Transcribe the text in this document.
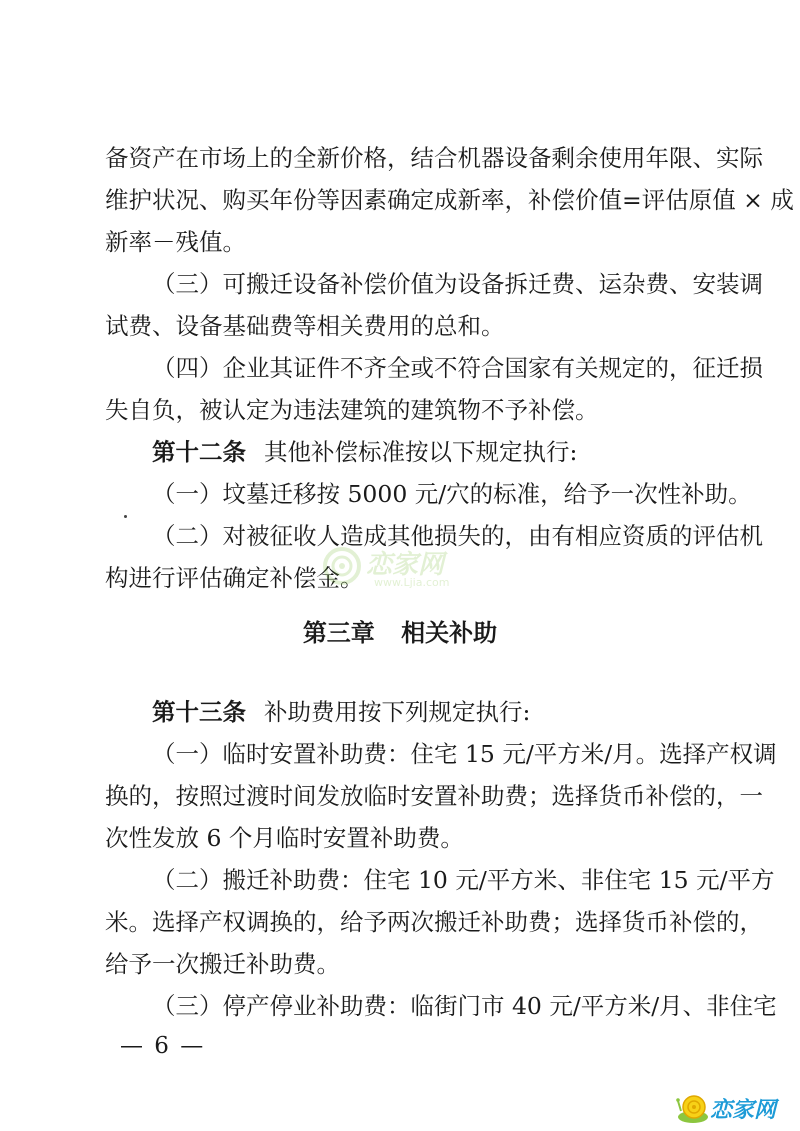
备资产在市场上的全新价格，结合机器设备剩余使用年限、实际
维护状况、购买年份等因素确定成新率，补偿价值=评估原值 × 成
新率－残值。
（三）可搬迁设备补偿价值为设备拆迁费、运杂费、安装调
试费、设备基础费等相关费用的总和。
（四）企业其证件不齐全或不符合国家有关规定的，征迁损
失自负，被认定为违法建筑的建筑物不予补偿。
第十二条 其他补偿标准按以下规定执行:
（一）坟墓迁移按 5000 元/穴的标准，给予一次性补助。
（二）对被征收人造成其他损失的，由有相应资质的评估机
构进行评估确定补偿金。 恋家网
www.Ljia.com
第三章 相关补助
第十三条 补助费用按下列规定执行:
（一）临时安置补助费：住宅 15 元/平方米/月。选择产权调
换的，按照过渡时间发放临时安置补助费；选择货币补偿的，一
次性发放 6 个月临时安置补助费。
（二）搬迁补助费：住宅 10 元/平方米、非住宅 15 元/平方
米。选择产权调换的，给予两次搬迁补助费；选择货币补偿的，
给予一次搬迁补助费。
（三）停产停业补助费：临街门市 40 元/平方米/月、非住宅
— 6 —
恋家网
